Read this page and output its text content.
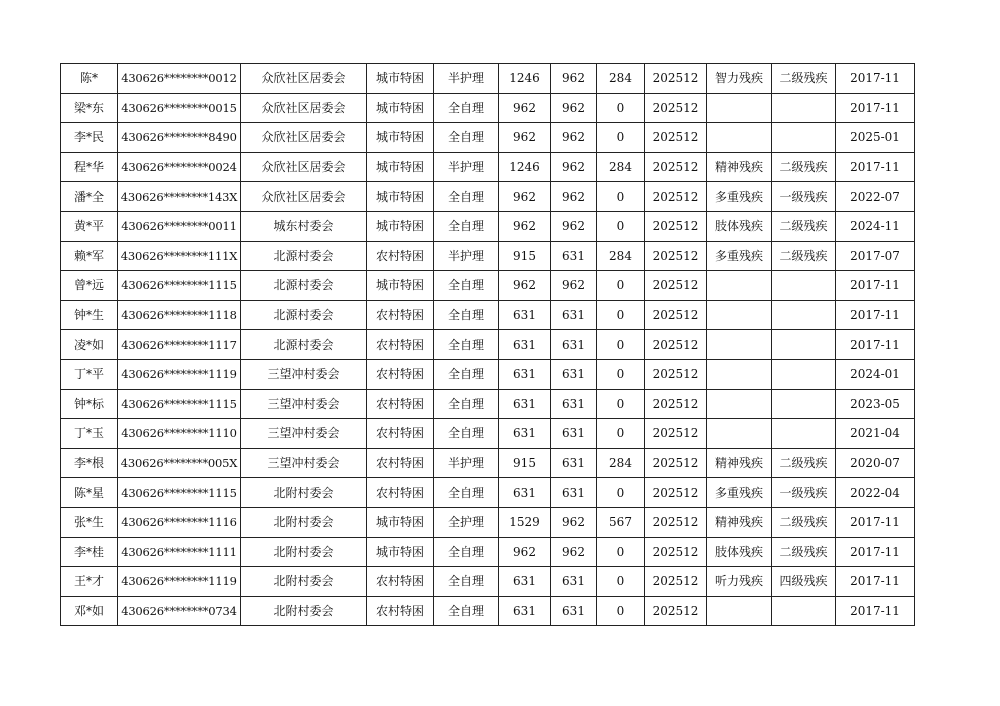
陈*	430626********0012	众欣社区居委会	城市特困	半护理	1246	962	284	202512	智力残疾	二级残疾	2017-11
梁*东	430626********0015	众欣社区居委会	城市特困	全自理	962	962	0	202512			2017-11
李*民	430626********8490	众欣社区居委会	城市特困	全自理	962	962	0	202512			2025-01
程*华	430626********0024	众欣社区居委会	城市特困	半护理	1246	962	284	202512	精神残疾	二级残疾	2017-11
潘*全	430626********143X	众欣社区居委会	城市特困	全自理	962	962	0	202512	多重残疾	一级残疾	2022-07
黄*平	430626********0011	城东村委会	城市特困	全自理	962	962	0	202512	肢体残疾	二级残疾	2024-11
赖*军	430626********111X	北源村委会	农村特困	半护理	915	631	284	202512	多重残疾	二级残疾	2017-07
曾*远	430626********1115	北源村委会	城市特困	全自理	962	962	0	202512			2017-11
钟*生	430626********1118	北源村委会	农村特困	全自理	631	631	0	202512			2017-11
凌*如	430626********1117	北源村委会	农村特困	全自理	631	631	0	202512			2017-11
丁*平	430626********1119	三望冲村委会	农村特困	全自理	631	631	0	202512			2024-01
钟*标	430626********1115	三望冲村委会	农村特困	全自理	631	631	0	202512			2023-05
丁*玉	430626********1110	三望冲村委会	农村特困	全自理	631	631	0	202512			2021-04
李*根	430626********005X	三望冲村委会	农村特困	半护理	915	631	284	202512	精神残疾	二级残疾	2020-07
陈*星	430626********1115	北附村委会	农村特困	全自理	631	631	0	202512	多重残疾	一级残疾	2022-04
张*生	430626********1116	北附村委会	城市特困	全护理	1529	962	567	202512	精神残疾	二级残疾	2017-11
李*桂	430626********1111	北附村委会	城市特困	全自理	962	962	0	202512	肢体残疾	二级残疾	2017-11
王*才	430626********1119	北附村委会	农村特困	全自理	631	631	0	202512	听力残疾	四级残疾	2017-11
邓*如	430626********0734	北附村委会	农村特困	全自理	631	631	0	202512			2017-11
